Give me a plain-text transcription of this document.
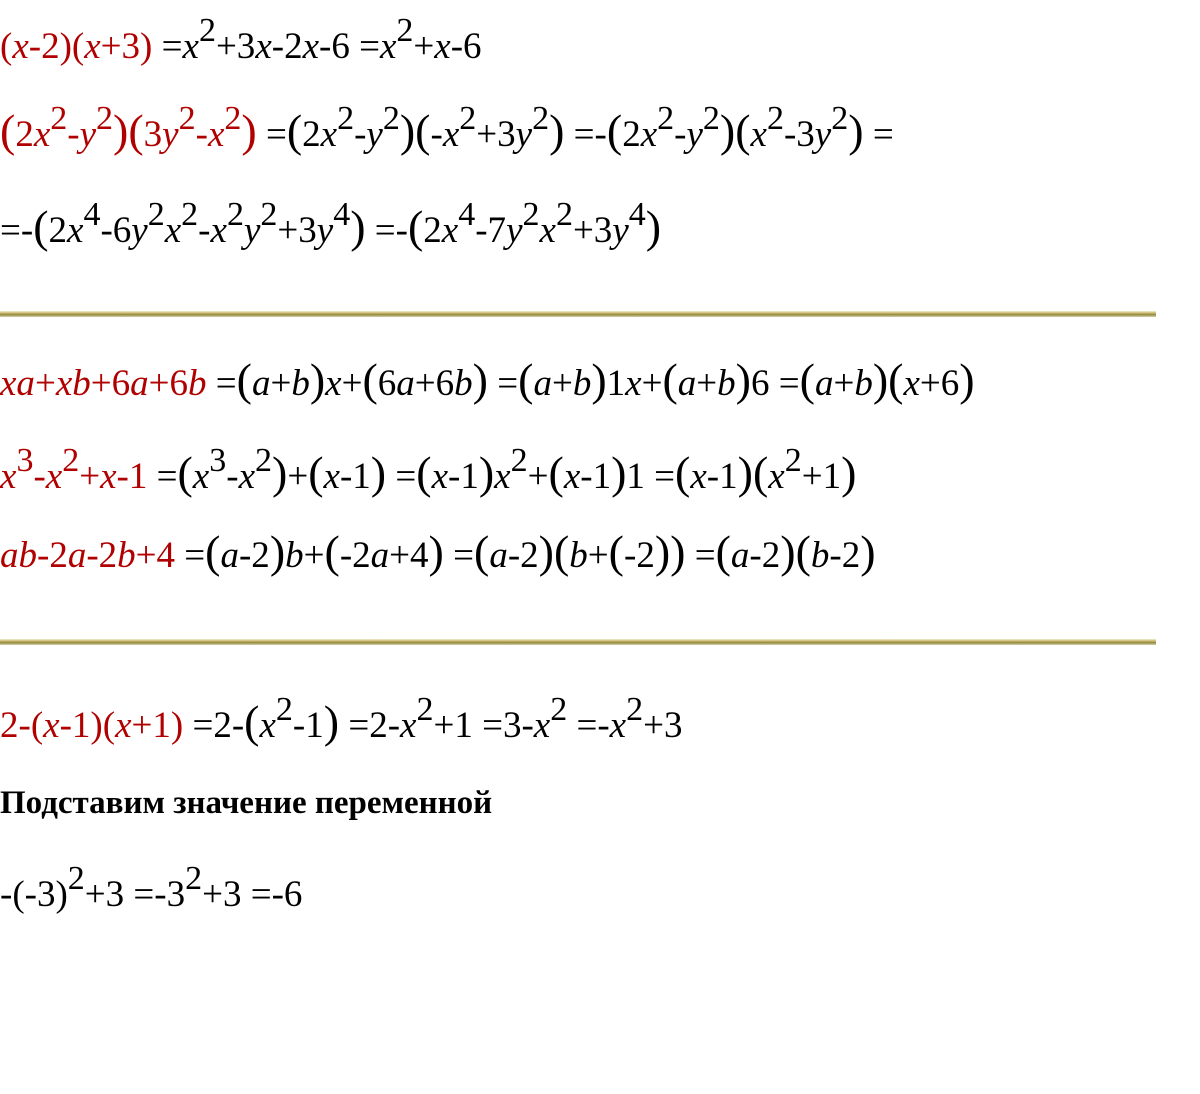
$(x-2)(x+3) =x^2+3x-2x-6 =x^2+x-6$
$(2x^2-y^2)(3y^2-x^2) =(2x^2-y^2)(-x^2+3y^2) =-(2x^2-y^2)(x^2-3y^2)$ =
$=-(2x^4-6y^2x^2-x^2y^2+3y^4) =-(2x^4-7y^2x^2+3y^4)$
xa+xb+6a+6b =(a+b)x+(6a+6b) =(a+b)1x+(a+b)6 =(a+b)(x+6)
$x^3-x^2+x-1 =(x^3-x^2)+(x-1) =(x-1)x^2+(x-1)1 =(x-1)(x^2+1)$
ab-2a-2b+4 =(a-2)b+(-2a+4) =(a-2)(b+(-2)) =(a-2)(b-2)
$2-(x-1)(x+1) =2-(x^2-1) =2-x^2+1 =3-x^2 =-x^2+3$
Подставим значение переменной
$-(-3)^2+3 =-3^2+3 =-6$
